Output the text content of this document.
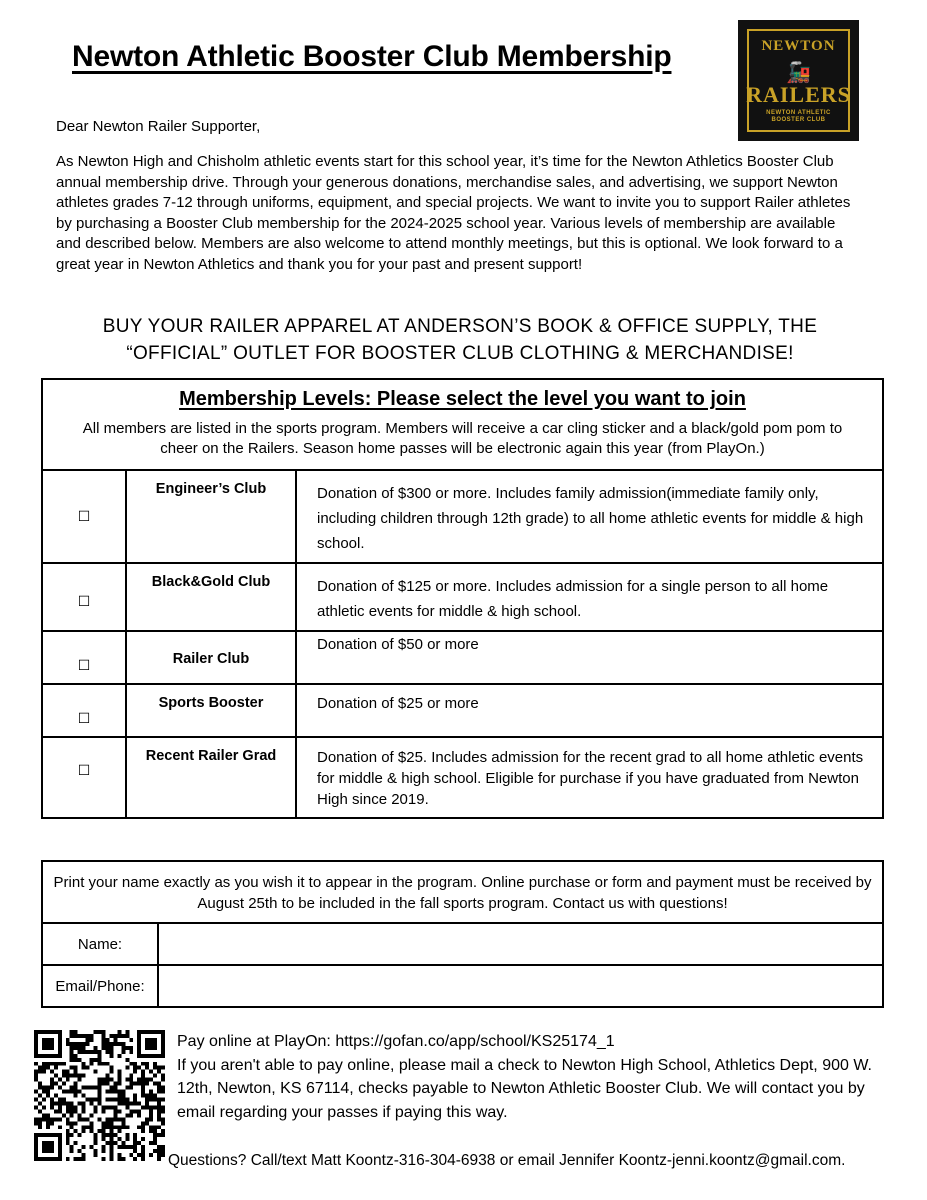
Newton Athletic Booster Club Membership	NEWTON
🚂
RAILERS
NEWTON ATHLETIC
BOOSTER CLUB
Dear Newton Railer Supporter,
As Newton High and Chisholm athletic events start for this school year, it’s time for the Newton Athletics Booster Club annual membership drive. Through your generous donations, merchandise sales, and advertising, we support Newton athletes grades 7-12 through uniforms, equipment, and special projects. We want to invite you to support Railer athletes by purchasing a Booster Club membership for the 2024-2025 school year. Various levels of membership are available and described below. Members are also welcome to attend monthly meetings, but this is optional. We look forward to a great year in Newton Athletics and thank you for your past and present support!
BUY YOUR RAILER APPAREL AT ANDERSON’S BOOK & OFFICE SUPPLY, THE
“OFFICIAL” OUTLET FOR BOOSTER CLUB CLOTHING & MERCHANDISE!
Membership Levels: Please select the level you want to join
All members are listed in the sports program. Members will receive a car cling sticker and a black/gold pom pom to cheer on the Railers. Season home passes will be electronic again this year (from PlayOn.)		

☐	Engineer’s Club	Donation of $300 or more. Includes family admission(immediate family only, including children through 12th grade) to all home athletic events for middle & high school.
☐	Black&Gold Club	Donation of $125 or more. Includes admission for a single person to all home athletic events for middle & high school.
☐	Railer Club	Donation of $50 or more
☐	Sports Booster	Donation of $25 or more
☐	Recent Railer Grad	Donation of $25. Includes admission for the recent grad to all home athletic events for middle & high school. Eligible for purchase if you have graduated from Newton High since 2019.
Print your name exactly as you wish it to appear in the program. Online purchase or form and payment must be received by August 25th to be included in the fall sports program. Contact us with questions!	
Name:	
Email/Phone:	
Pay online at PlayOn: https://gofan.co/app/school/KS25174_1
If you aren't able to pay online, please mail a check to Newton High School, Athletics Dept, 900 W. 12th, Newton, KS 67114, checks payable to Newton Athletic Booster Club. We will contact you by email regarding your passes if paying this way.
Questions? Call/text Matt Koontz-316-304-6938 or email Jennifer Koontz-jenni.koontz@gmail.com.
